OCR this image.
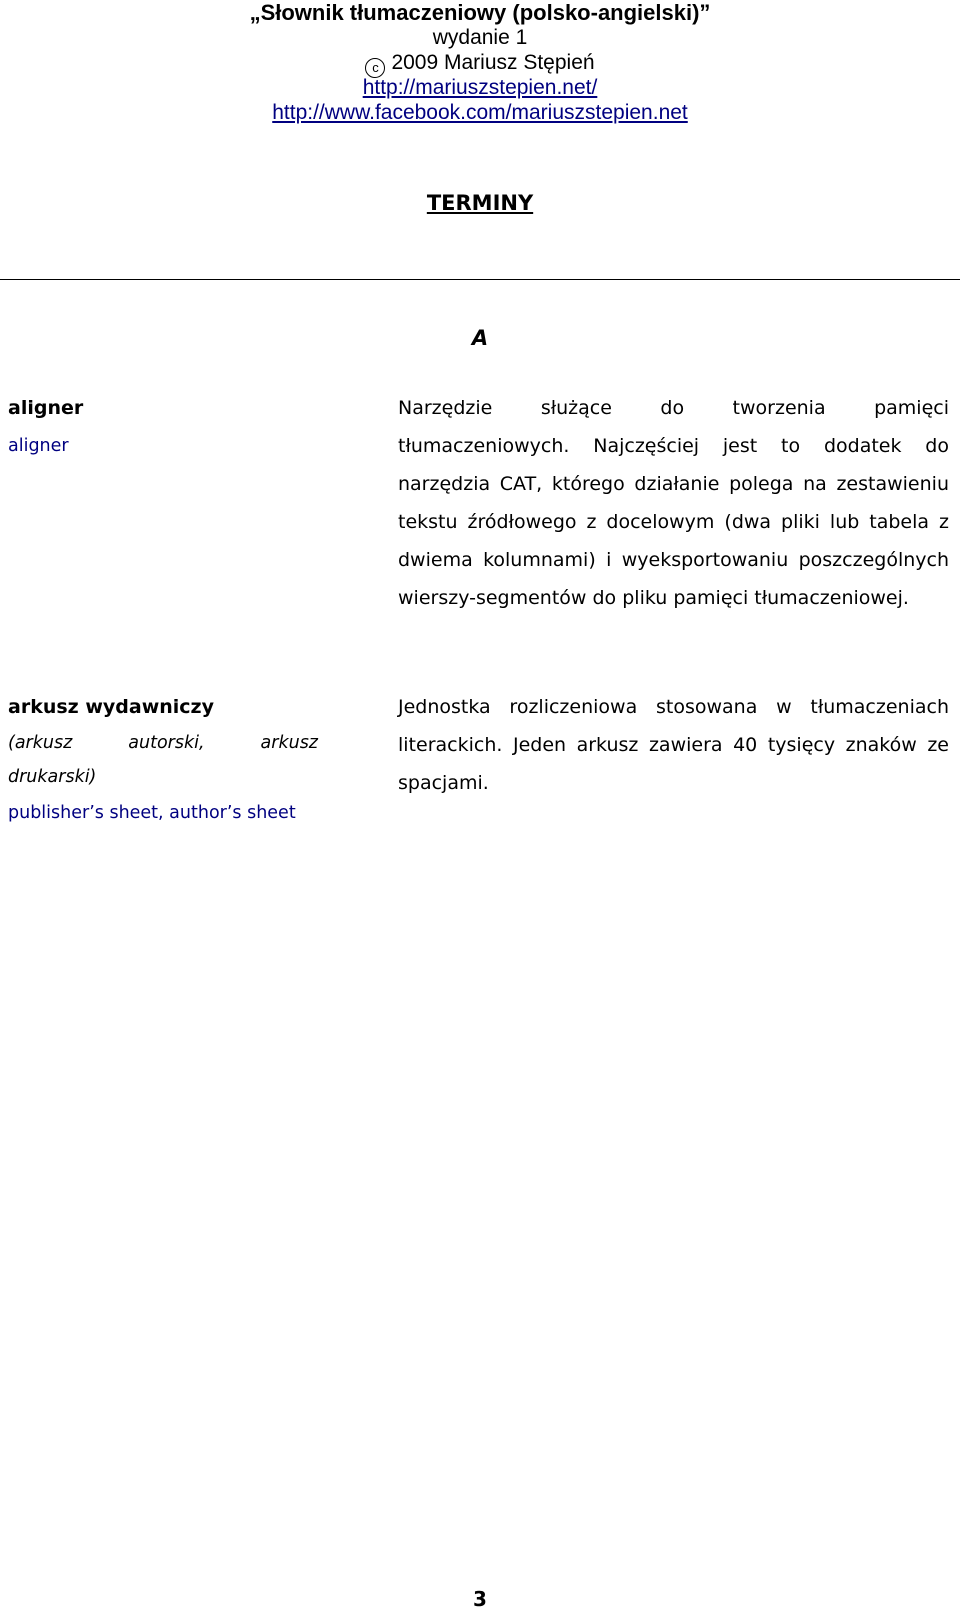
„Słownik tłumaczeniowy (polsko-angielski)”
wydanie 1
c 2009 Mariusz Stępień
http://mariuszstepien.net/
http://www.facebook.com/mariuszstepien.net
TERMINY
A
aligner
aligner
Narzędzie służące do tworzenia pamięci tłumaczeniowych. Najczęściej jest to dodatek do narzędzia CAT, którego działanie polega na zestawieniu tekstu źródłowego z docelowym (dwa pliki lub tabela z dwiema kolumnami) i wyeksportowaniu poszczególnych wierszy-segmentów do pliku pamięci tłumaczeniowej.
arkusz wydawniczy
(arkusz autorski, arkusz
drukarski)
publisher’s sheet, author’s sheet
Jednostka rozliczeniowa stosowana w tłumaczeniach literackich. Jeden arkusz zawiera 40 tysięcy znaków ze spacjami.
3
